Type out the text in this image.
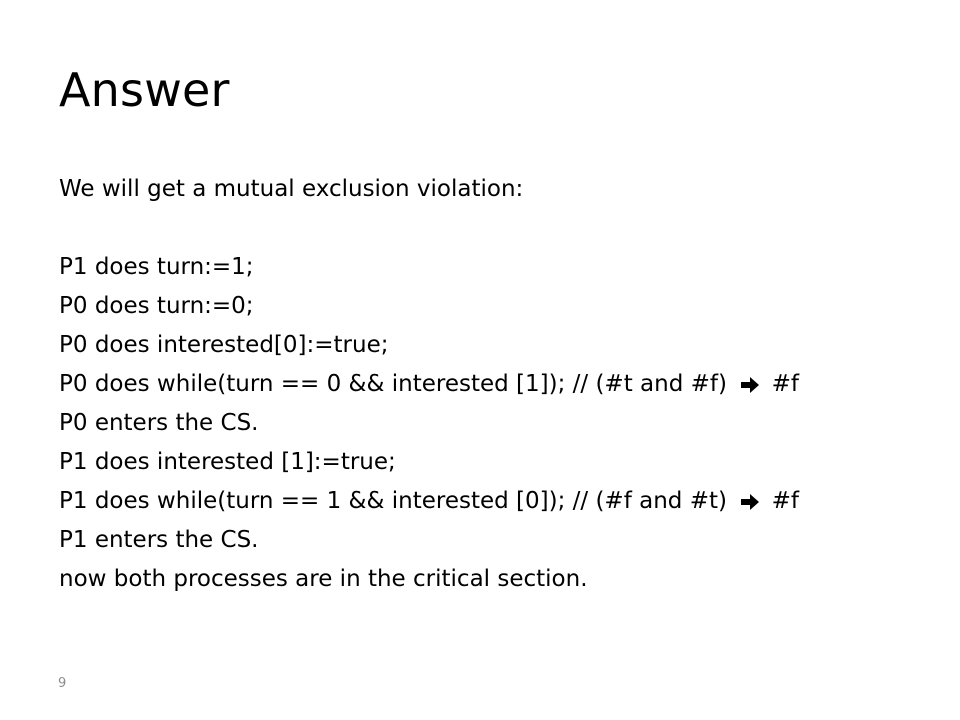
Answer
We will get a mutual exclusion violation:
P1 does turn:=1;
P0 does turn:=0;
P0 does interested[0]:=true;
P0 does while(turn == 0 && interested [1]); // (#t and #f) #f
P0 enters the CS.
P1 does interested [1]:=true;
P1 does while(turn == 1 && interested [0]); // (#f and #t) #f
P1 enters the CS.
now both processes are in the critical section.
9
